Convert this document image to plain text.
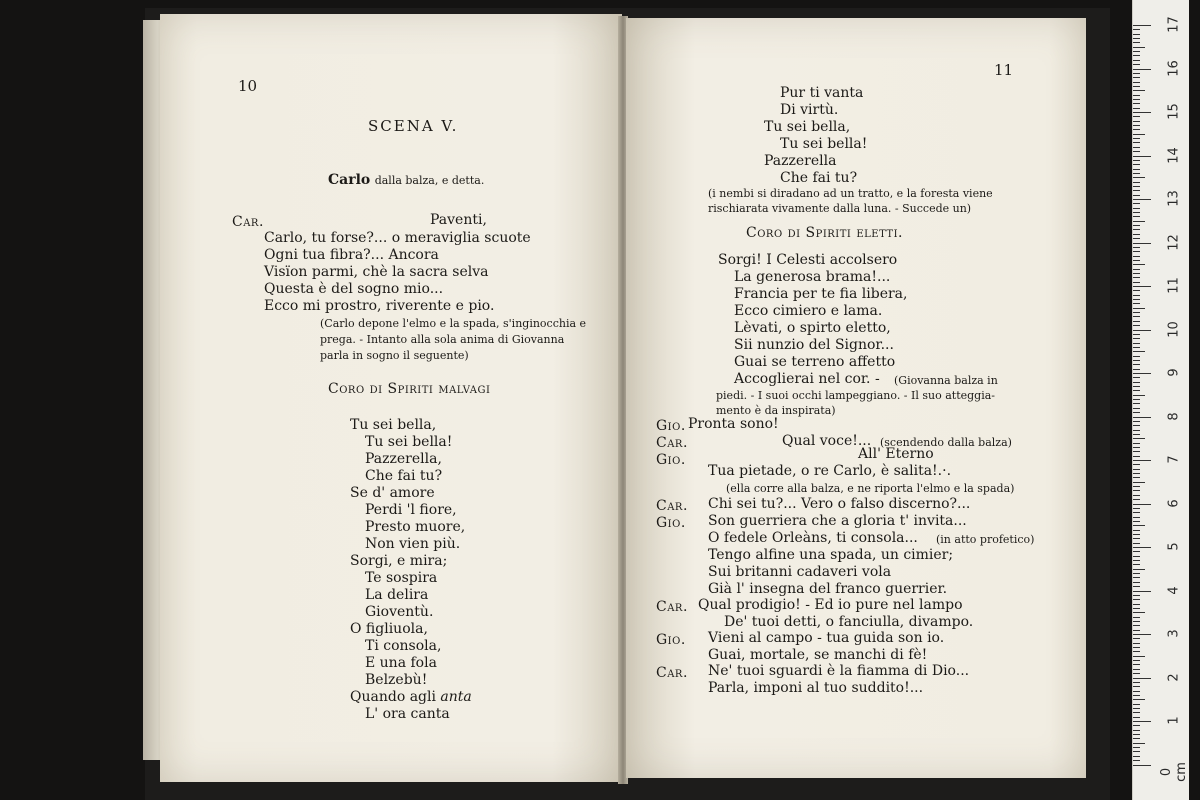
10
SCENA V.
Carlo dalla balza, e detta.
Car.	Paventi,
Carlo, tu forse?... o meraviglia scuote
Ogni tua fibra?... Ancora
Visïon parmi, chè la sacra selva
Questa è del sogno mio...
Ecco mi prostro, riverente e pio.
(Carlo depone l'elmo e la spada, s'inginocchia e
prega. - Intanto alla sola anima di Giovanna
parla in sogno il seguente)
Coro di Spiriti malvagi
Tu sei bella,
Tu sei bella!
Pazzerella,
Che fai tu?
Se d' amore
Perdi 'l fiore,
Presto muore,
Non vien più.
Sorgi, e mira;
Te sospira
La delira
Gioventù.
O figliuola,
Ti consola,
E una fola
Belzebù!
Quando agli anta
L' ora canta
11
Pur ti vanta
Di virtù.
Tu sei bella,
Tu sei bella!
Pazzerella
Che fai tu?
(i nembi si diradano ad un tratto, e la foresta viene
rischiarata vivamente dalla luna. - Succede un)
Coro di Spiriti eletti.
Sorgi! I Celesti accolsero
La generosa brama!...
Francia per te fia libera,
Ecco cimiero e lama.
Lèvati, o spirto eletto,
Sii nunzio del Signor...
Guai se terreno affetto
Accoglierai nel cor. - (Giovanna balza in
piedi. - I suoi occhi lampeggiano. - Il suo atteggia-
mento è da inspirata)
Gio. Pronta sono!
Car.	Qual voce!... (scendendo dalla balza)
Gio.	All' Eterno
Tua pietade, o re Carlo, è salita!.·.
(ella corre alla balza, e ne riporta l'elmo e la spada)
Car. Chi sei tu?... Vero o falso discerno?...
Gio. Son guerriera che a gloria t' invita...
O fedele Orleàns, ti consola... (in atto profetico)
Tengo alfine una spada, un cimier;
Sui britanni cadaveri vola
Già l' insegna del franco guerrier.
Car. Qual prodigio! - Ed io pure nel lampo
De' tuoi detti, o fanciulla, divampo.
Gio. Vieni al campo - tua guida son io.
Guai, mortale, se manchi di fè!
Car. Ne' tuoi sguardi è la fiamma di Dio...
Parla, imponi al tuo suddito!...
17
16
15
14
13
12
11
10
9
8
7
6
5
4
3
2
1
0 cm
